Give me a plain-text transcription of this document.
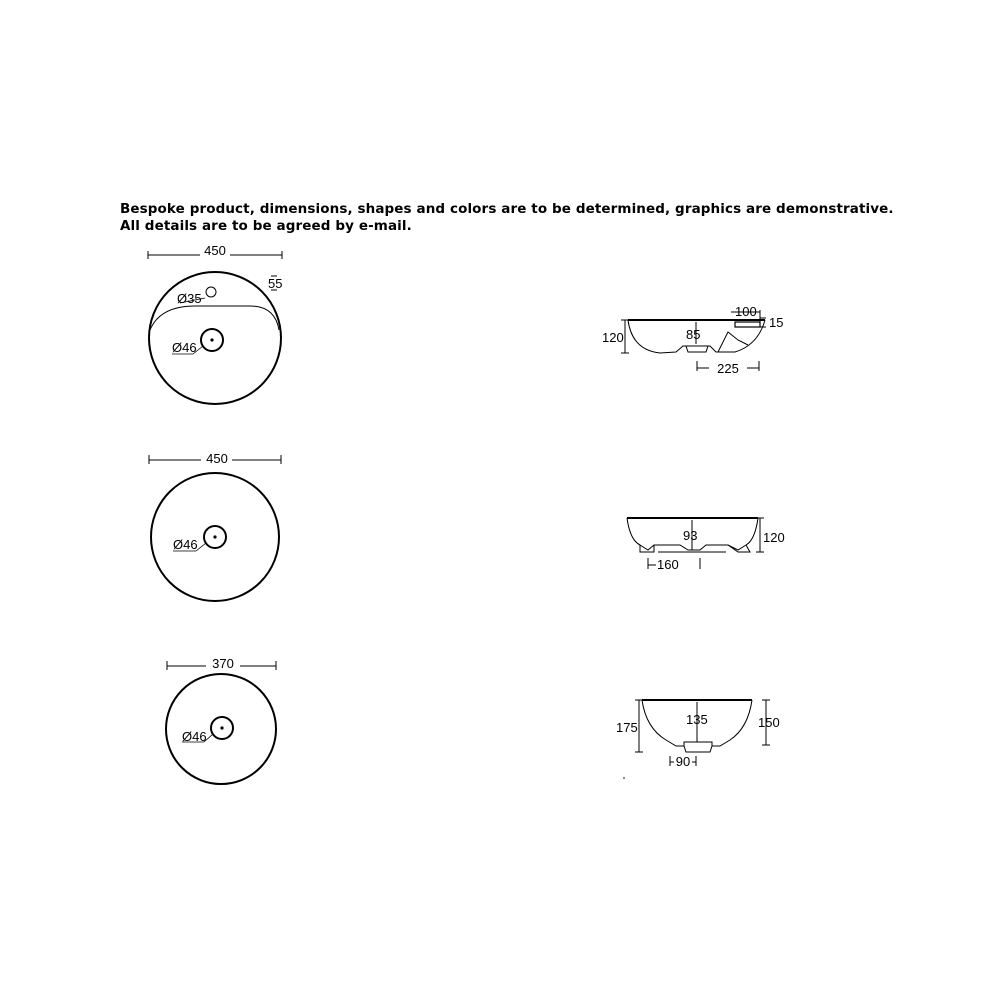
Bespoke product, dimensions, shapes and colors are to be determined, graphics are demonstrative. All details are to be agreed by e-mail.
450
Ø35
55
Ø46
120	85
100
15
225
450
Ø46
93	120
160
370
Ø46
135
175	150
90
